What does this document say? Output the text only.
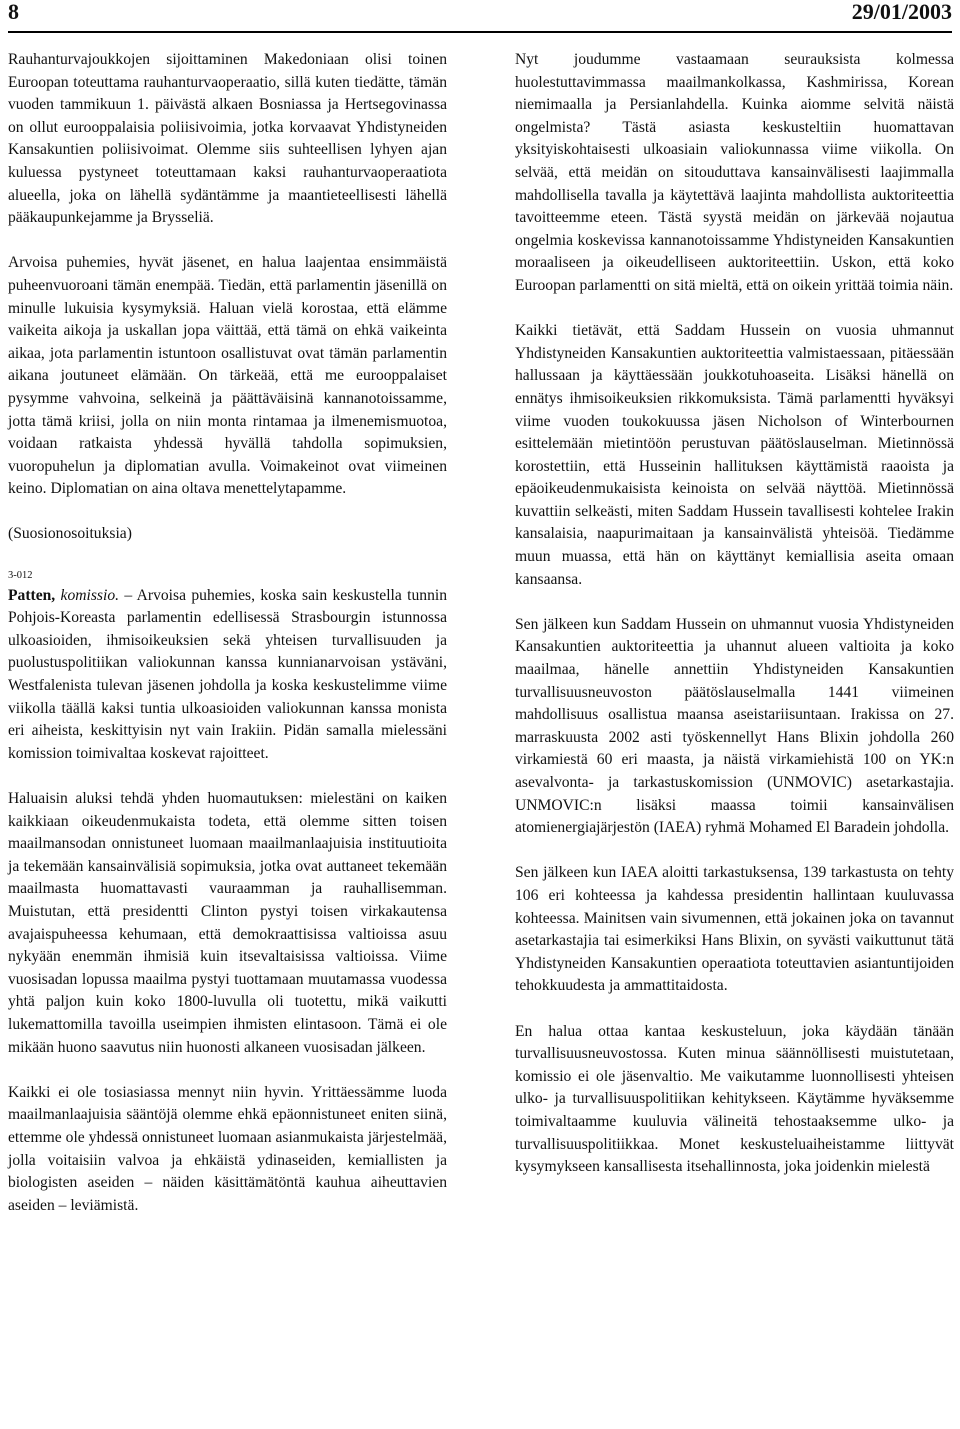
8	29/01/2003

Rauhanturvajoukkojen sijoittaminen Makedoniaan olisi toinen Euroopan toteuttama rauhanturvaoperaatio, sillä kuten tiedätte, tämän vuoden tammikuun 1. päivästä alkaen Bosniassa ja Hertsegovinassa on ollut eurooppalaisia poliisivoimia, jotka korvaavat Yhdistyneiden Kansakuntien poliisivoimat. Olemme siis suhteellisen lyhyen ajan kuluessa pystyneet toteuttamaan kaksi rauhanturvaoperaatiota alueella, joka on lähellä sydäntämme ja maantieteellisesti lähellä pääkaupunkejamme ja Brysseliä.

Arvoisa puhemies, hyvät jäsenet, en halua laajentaa ensimmäistä puheenvuoroani tämän enempää. Tiedän, että parlamentin jäsenillä on minulle lukuisia kysymyksiä. Haluan vielä korostaa, että elämme vaikeita aikoja ja uskallan jopa väittää, että tämä on ehkä vaikeinta aikaa, jota parlamentin istuntoon osallistuvat ovat tämän parlamentin aikana joutuneet elämään. On tärkeää, että me eurooppalaiset pysymme vahvoina, selkeinä ja päättäväisinä kannanotoissamme, jotta tämä kriisi, jolla on niin monta rintamaa ja ilmenemismuotoa, voidaan ratkaista yhdessä hyvällä tahdolla sopimuksien, vuoropuhelun ja diplomatian avulla. Voimakeinot ovat viimeinen keino. Diplomatian on aina oltava menettelytapamme.

(Suosionosoituksia)

3-012

Patten, komissio. – Arvoisa puhemies, koska sain keskustella tunnin Pohjois-Koreasta parlamentin edellisessä Strasbourgin istunnossa ulkoasioiden, ihmisoikeuksien sekä yhteisen turvallisuuden ja puolustuspolitiikan valiokunnan kanssa kunnianarvoisan ystäväni, Westfalenista tulevan jäsenen johdolla ja koska keskustelimme viime viikolla täällä kaksi tuntia ulkoasioiden valiokunnan kanssa monista eri aiheista, keskittyisin nyt vain Irakiin. Pidän samalla mielessäni komission toimivaltaa koskevat rajoitteet.

Haluaisin aluksi tehdä yhden huomautuksen: mielestäni on kaiken kaikkiaan oikeudenmukaista todeta, että olemme sitten toisen maailmansodan onnistuneet luomaan maailmanlaajuisia instituutioita ja tekemään kansainvälisiä sopimuksia, jotka ovat auttaneet tekemään maailmasta huomattavasti vauraamman ja rauhallisemman. Muistutan, että presidentti Clinton pystyi toisen virkakautensa avajaispuheessa kehumaan, että demokraattisissa valtioissa asuu nykyään enemmän ihmisiä kuin itsevaltaisissa valtioissa. Viime vuosisadan lopussa maailma pystyi tuottamaan muutamassa vuodessa yhtä paljon kuin koko 1800-luvulla oli tuotettu, mikä vaikutti lukemattomilla tavoilla useimpien ihmisten elintasoon. Tämä ei ole mikään huono saavutus niin huonosti alkaneen vuosisadan jälkeen.

Kaikki ei ole tosiasiassa mennyt niin hyvin. Yrittäessämme luoda maailmanlaajuisia sääntöjä olemme ehkä epäonnistuneet eniten siinä, ettemme ole yhdessä onnistuneet luomaan asianmukaista järjestelmää, jolla voitaisiin valvoa ja ehkäistä ydinaseiden, kemiallisten ja biologisten aseiden – näiden käsittämätöntä kauhua aiheuttavien aseiden – leviämistä.

Nyt joudumme vastaamaan seurauksista kolmessa huolestuttavimmassa maailmankolkassa, Kashmirissa, Korean niemimaalla ja Persianlahdella. Kuinka aiomme selvitä näistä ongelmista? Tästä asiasta keskusteltiin huomattavan yksityiskohtaisesti ulkoasiain valiokunnassa viime viikolla. On selvää, että meidän on sitouduttava kansainvälisesti laajimmalla mahdollisella tavalla ja käytettävä laajinta mahdollista auktoriteettia tavoitteemme eteen. Tästä syystä meidän on järkevää nojautua ongelmia koskevissa kannanotoissamme Yhdistyneiden Kansakuntien moraaliseen ja oikeudelliseen auktoriteettiin. Uskon, että koko Euroopan parlamentti on sitä mieltä, että on oikein yrittää toimia näin.

Kaikki tietävät, että Saddam Hussein on vuosia uhmannut Yhdistyneiden Kansakuntien auktoriteettia valmistaessaan, pitäessään hallussaan ja käyttäessään joukkotuhoaseita. Lisäksi hänellä on ennätys ihmisoikeuksien rikkomuksista. Tämä parlamentti hyväksyi viime vuoden toukokuussa jäsen Nicholson of Winterbournen esittelemään mietintöön perustuvan päätöslauselman. Mietinnössä korostettiin, että Husseinin hallituksen käyttämistä raaoista ja epäoikeudenmukaisista keinoista on selvää näyttöä. Mietinnössä kuvattiin selkeästi, miten Saddam Hussein tavallisesti kohtelee Irakin kansalaisia, naapurimaitaan ja kansainvälistä yhteisöä. Tiedämme muun muassa, että hän on käyttänyt kemiallisia aseita omaan kansaansa.

Sen jälkeen kun Saddam Hussein on uhmannut vuosia Yhdistyneiden Kansakuntien auktoriteettia ja uhannut alueen valtioita ja koko maailmaa, hänelle annettiin Yhdistyneiden Kansakuntien turvallisuusneuvoston päätöslauselmalla 1441 viimeinen mahdollisuus osallistua maansa aseistariisuntaan. Irakissa on 27. marraskuusta 2002 asti työskennellyt Hans Blixin johdolla 260 virkamiestä 60 eri maasta, ja näistä virkamiehistä 100 on YK:n asevalvonta- ja tarkastuskomission (UNMOVIC) asetarkastajia. UNMOVIC:n lisäksi maassa toimii kansainvälisen atomienergiajärjestön (IAEA) ryhmä Mohamed El Baradein johdolla.

Sen jälkeen kun IAEA aloitti tarkastuksensa, 139 tarkastusta on tehty 106 eri kohteessa ja kahdessa presidentin hallintaan kuuluvassa kohteessa. Mainitsen vain sivumennen, että jokainen joka on tavannut asetarkastajia tai esimerkiksi Hans Blixin, on syvästi vaikuttunut tätä Yhdistyneiden Kansakuntien operaatiota toteuttavien asiantuntijoiden tehokkuudesta ja ammattitaidosta.

En halua ottaa kantaa keskusteluun, joka käydään tänään turvallisuusneuvostossa. Kuten minua säännöllisesti muistutetaan, komissio ei ole jäsenvaltio. Me vaikutamme luonnollisesti yhteisen ulko- ja turvallisuuspolitiikan kehitykseen. Käytämme hyväksemme toimivaltaamme kuuluvia välineitä tehostaaksemme ulko- ja turvallisuuspolitiikkaa. Monet keskusteluaiheistamme liittyvät kysymykseen kansallisesta itsehallinnosta, joka joidenkin mielestä
